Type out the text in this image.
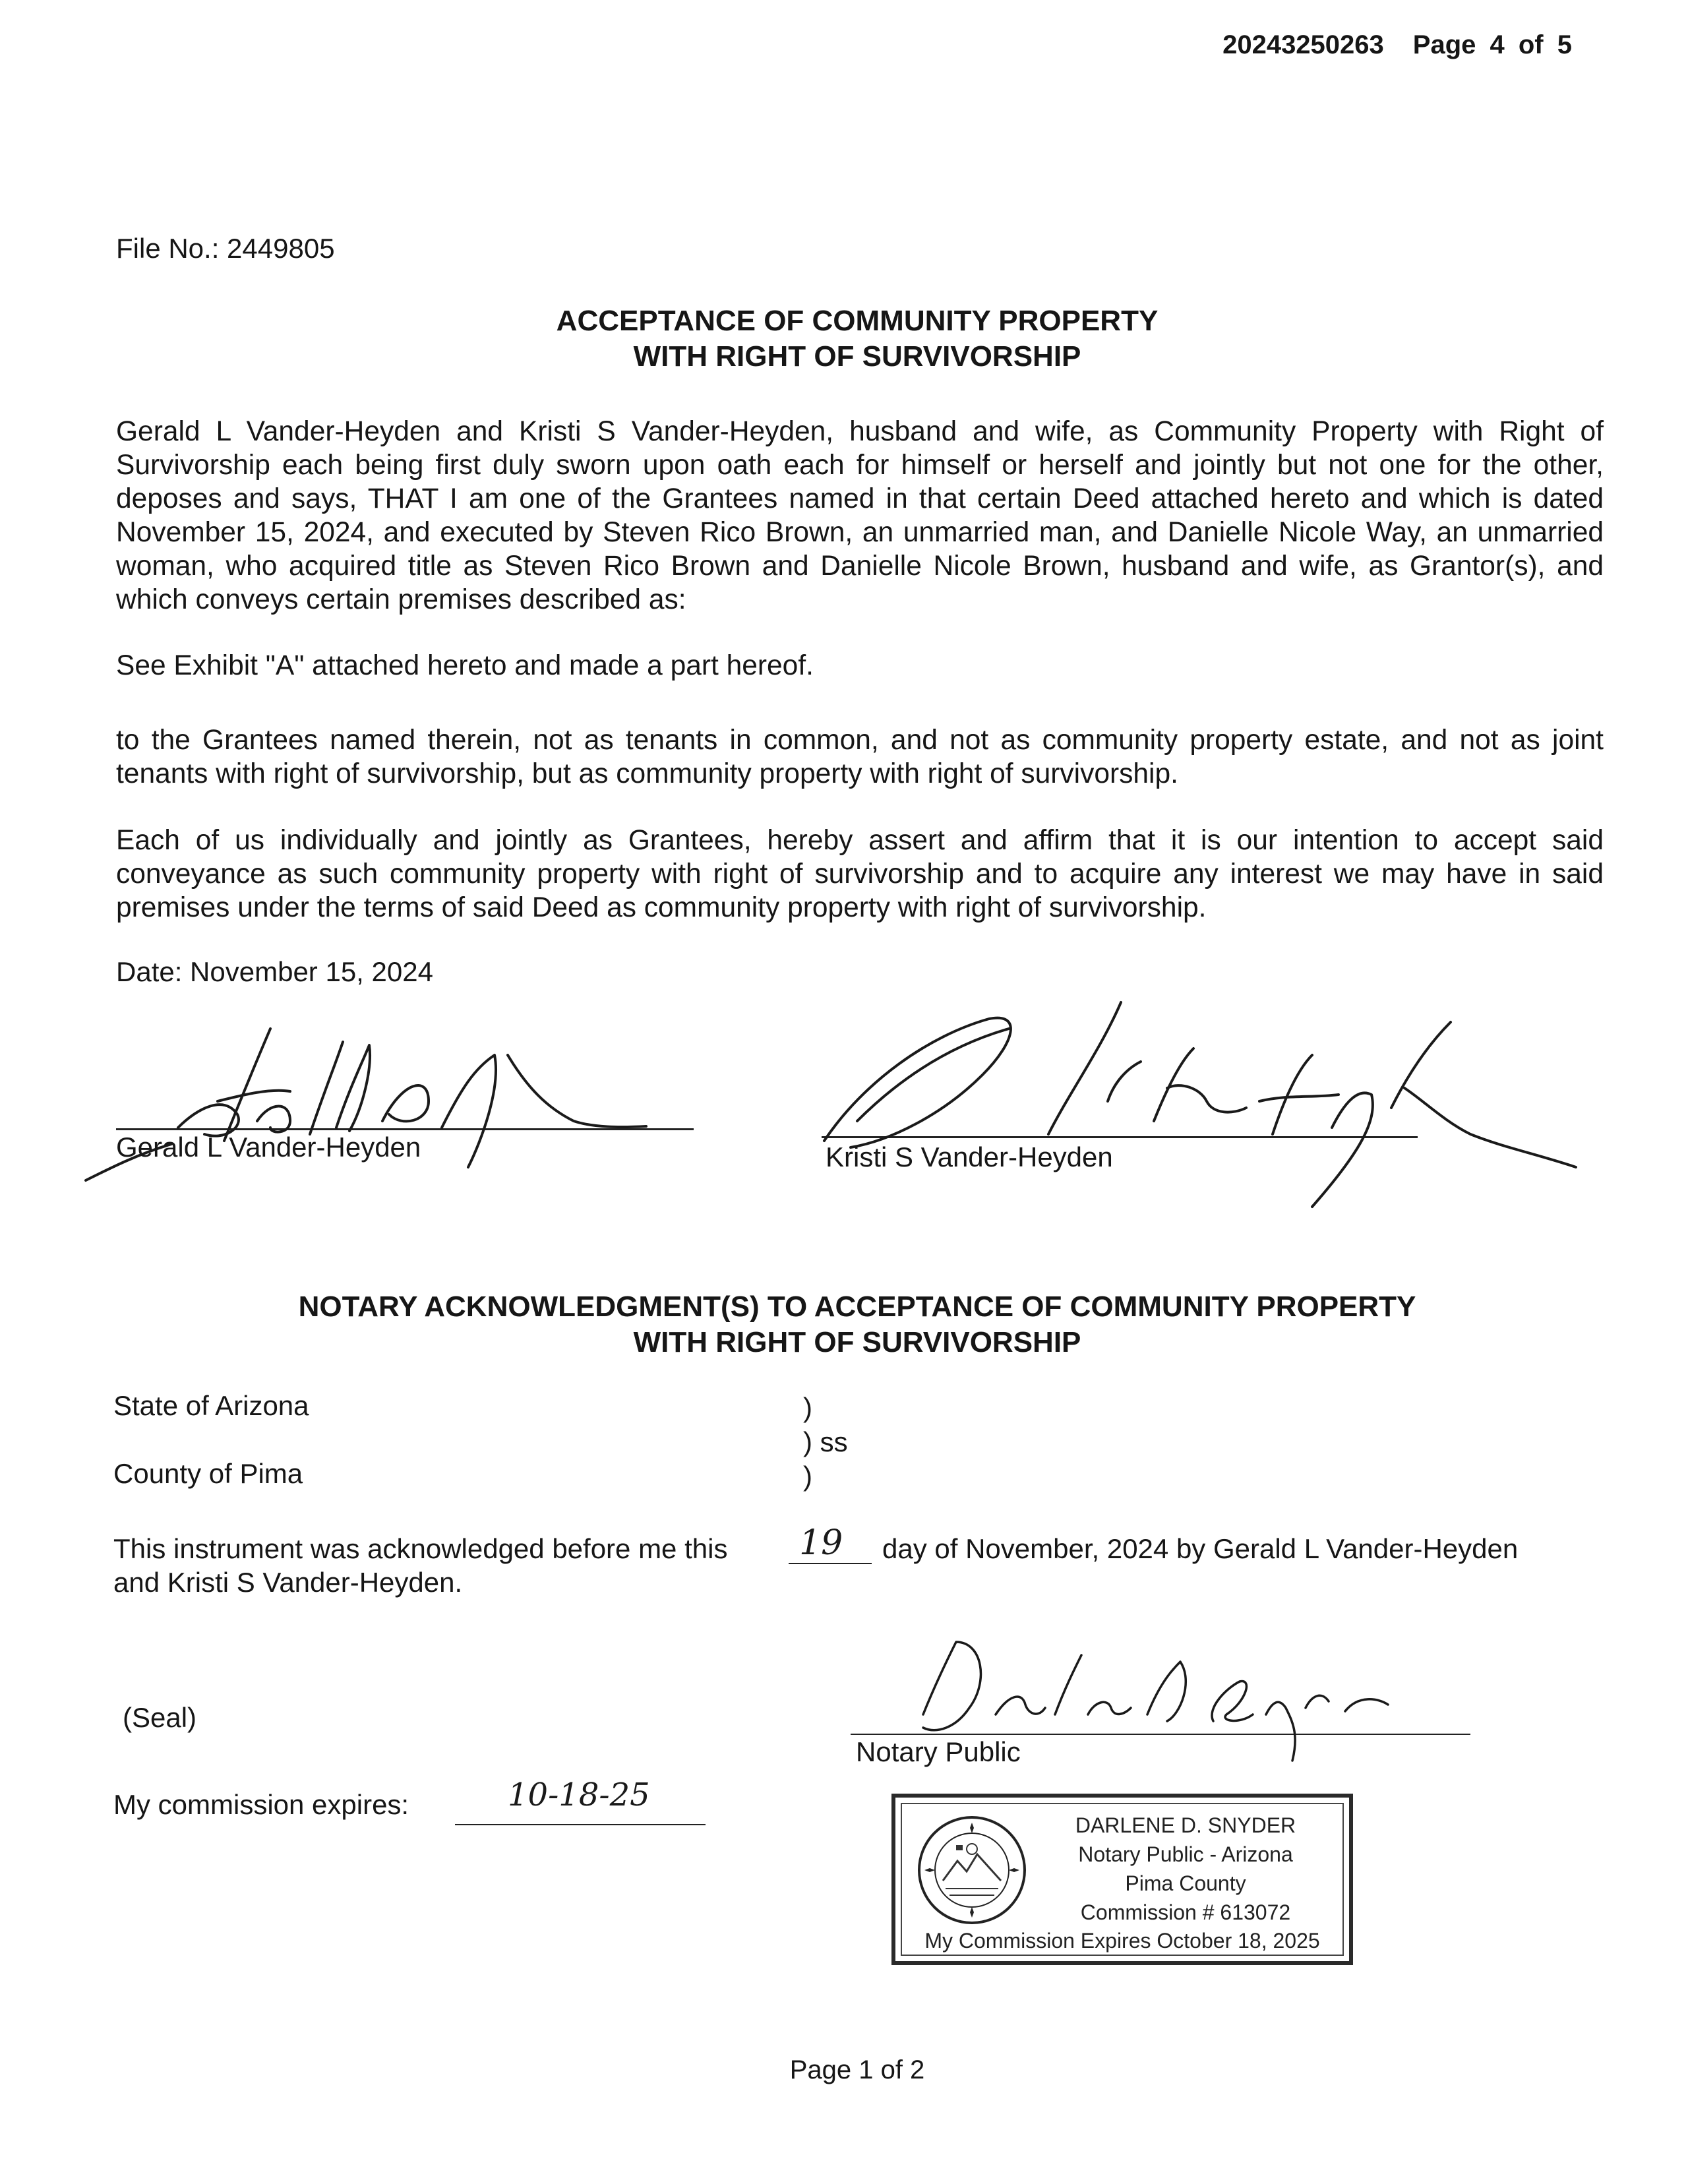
20243250263 Page 4 of 5
File No.: 2449805
ACCEPTANCE OF COMMUNITY PROPERTY
WITH RIGHT OF SURVIVORSHIP
Gerald L Vander-Heyden and Kristi S Vander-Heyden, husband and wife, as Community Property with Right of Survivorship each being first duly sworn upon oath each for himself or herself and jointly but not one for the other, deposes and says, THAT I am one of the Grantees named in that certain Deed attached hereto and which is dated November 15, 2024, and executed by Steven Rico Brown, an unmarried man, and Danielle Nicole Way, an unmarried woman, who acquired title as Steven Rico Brown and Danielle Nicole Brown, husband and wife, as Grantor(s), and which conveys certain premises described as:
See Exhibit "A" attached hereto and made a part hereof.
to the Grantees named therein, not as tenants in common, and not as community property estate, and not as joint tenants with right of survivorship, but as community property with right of survivorship.
Each of us individually and jointly as Grantees, hereby assert and affirm that it is our intention to accept said conveyance as such community property with right of survivorship and to acquire any interest we may have in said premises under the terms of said Deed as community property with right of survivorship.
Date: November 15, 2024
Gerald L Vander-Heyden	Kristi S Vander-Heyden
NOTARY ACKNOWLEDGMENT(S) TO ACCEPTANCE OF COMMUNITY PROPERTY
WITH RIGHT OF SURVIVORSHIP
State of Arizona
County of Pima
)
) ss
)
This instrument was acknowledged before me this 19 day of November, 2024 by Gerald L Vander-Heyden
and Kristi S Vander-Heyden.
(Seal)
Notary Public
My commission expires:	10-18-25
DARLENE D. SNYDER
Notary Public - Arizona
Pima County
Commission # 613072
My Commission Expires October 18, 2025
Page 1 of 2
